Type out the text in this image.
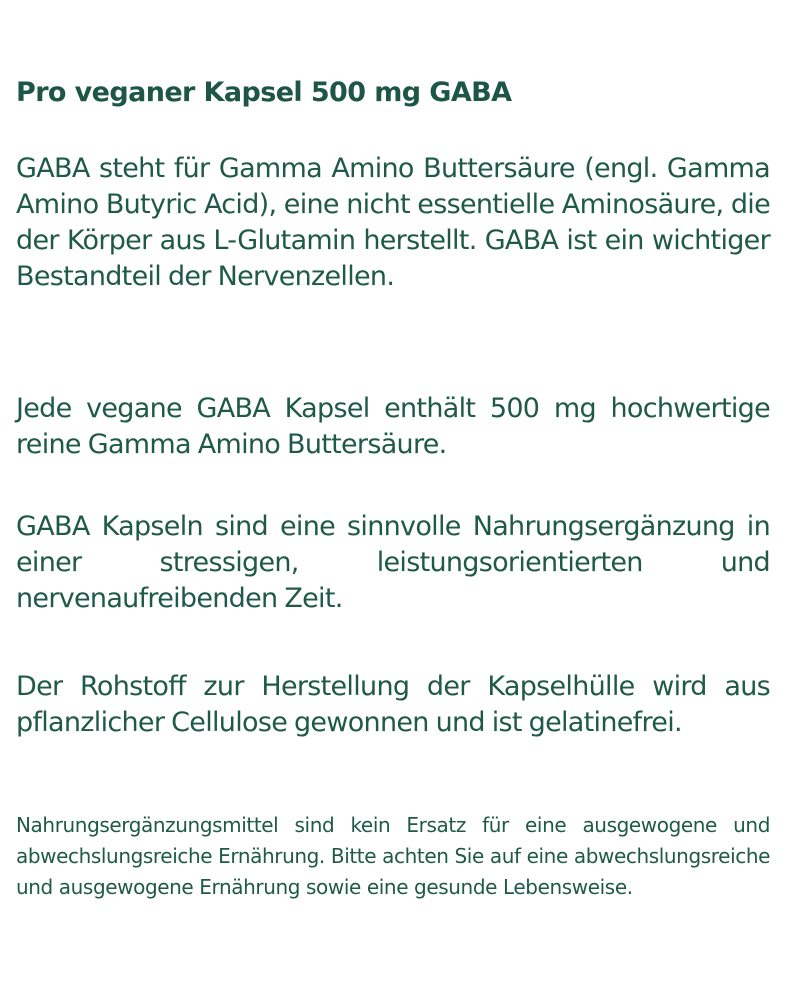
Pro veganer Kapsel 500 mg GABA

GABA steht für Gamma Amino Buttersäure (engl. Gamma Amino Butyric Acid), eine nicht essentielle Aminosäure, die der Körper aus L-Glutamin herstellt. GABA ist ein wichtiger Bestandteil der Nervenzellen.

Jede vegane GABA Kapsel enthält 500 mg hochwertige reine Gamma Amino Buttersäure.

GABA Kapseln sind eine sinnvolle Nahrungsergänzung in einer stressigen, leistungsorientierten und nervenaufreibenden Zeit.

Der Rohstoff zur Herstellung der Kapselhülle wird aus pflanzlicher Cellulose gewonnen und ist gelatinefrei.

Nahrungsergänzungsmittel sind kein Ersatz für eine ausgewogene und abwechslungsreiche Ernährung. Bitte achten Sie auf eine abwechslungsreiche und ausgewogene Ernährung sowie eine gesunde Lebensweise.
